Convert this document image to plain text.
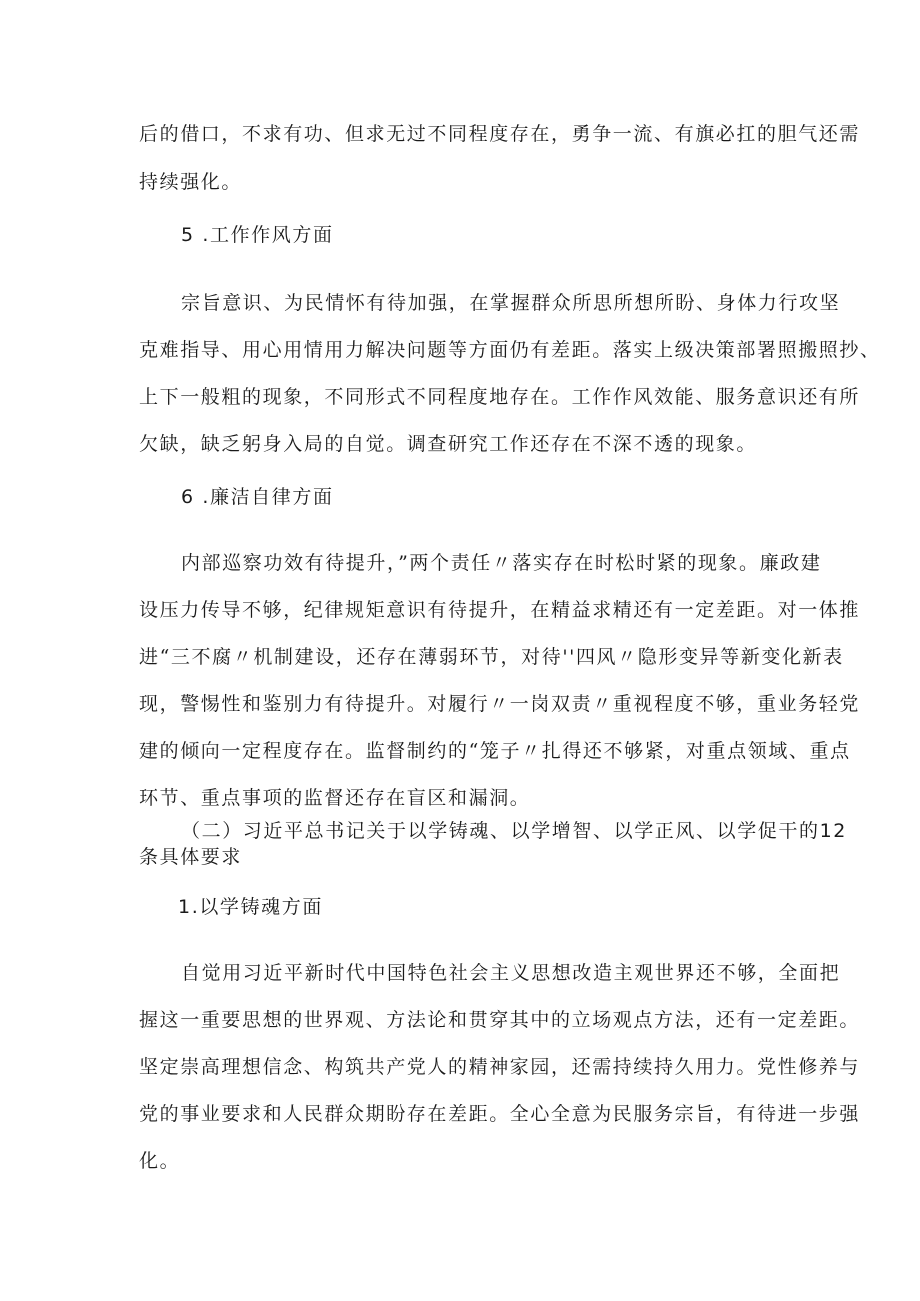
后的借口，不求有功、但求无过不同程度存在，勇争一流、有旗必扛的胆气还需
持续强化。
5 .工作作风方面
宗旨意识、为民情怀有待加强，在掌握群众所思所想所盼、身体力行攻坚
克难指导、用心用情用力解决问题等方面仍有差距。落实上级决策部署照搬照抄、
上下一般粗的现象，不同形式不同程度地存在。工作作风效能、服务意识还有所
欠缺，缺乏躬身入局的自觉。调查研究工作还存在不深不透的现象。
6 .廉洁自律方面
内部巡察功效有待提升，”两个责任〃落实存在时松时紧的现象。廉政建
设压力传导不够，纪律规矩意识有待提升，在精益求精还有一定差距。对一体推
进“三不腐〃机制建设，还存在薄弱环节，对待''四风〃隐形变异等新变化新表
现，警惕性和鉴别力有待提升。对履行〃一岗双责〃重视程度不够，重业务轻党
建的倾向一定程度存在。监督制约的“笼子〃扎得还不够紧，对重点领域、重点
环节、重点事项的监督还存在盲区和漏洞。
（二）习近平总书记关于以学铸魂、以学增智、以学正风、以学促干的12
条具体要求
1.以学铸魂方面
自觉用习近平新时代中国特色社会主义思想改造主观世界还不够，全面把
握这一重要思想的世界观、方法论和贯穿其中的立场观点方法，还有一定差距。
坚定崇高理想信念、构筑共产党人的精神家园，还需持续持久用力。党性修养与
党的事业要求和人民群众期盼存在差距。全心全意为民服务宗旨，有待进一步强
化。
